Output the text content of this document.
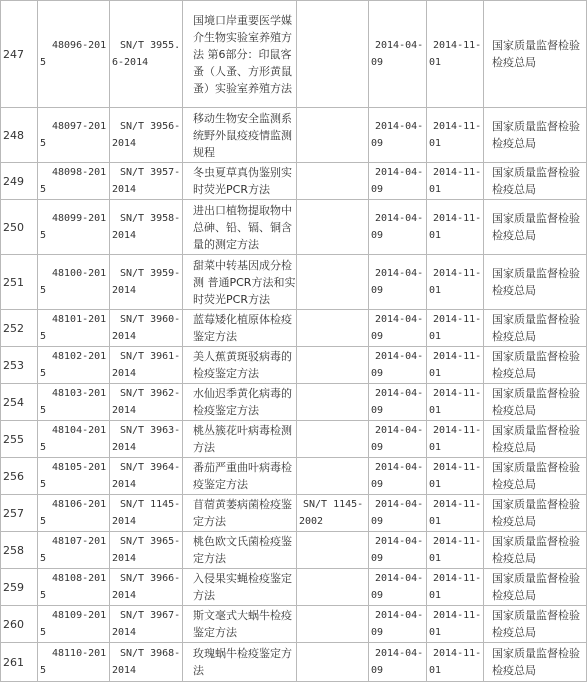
247	48096-2015	SN/T 3955.6-2014	国境口岸重要医学媒介生物实验室养殖方法 第6部分：印鼠客蚤（人蚤、方形黄鼠蚤）实验室养殖方法		2014-04-09	2014-11-01	国家质量监督检验检疫总局

248	48097-2015	SN/T 3956-2014	移动生物安全监测系统野外鼠疫疫情监测规程		2014-04-09	2014-11-01	国家质量监督检验检疫总局

249	48098-2015	SN/T 3957-2014	冬虫夏草真伪鉴别实时荧光PCR方法		2014-04-09	2014-11-01	国家质量监督检验检疫总局

250	48099-2015	SN/T 3958-2014	进出口植物提取物中总砷、铅、镉、铜含量的测定方法		2014-04-09	2014-11-01	国家质量监督检验检疫总局

251	48100-2015	SN/T 3959-2014	甜菜中转基因成分检测 普通PCR方法和实时荧光PCR方法		2014-04-09	2014-11-01	国家质量监督检验检疫总局

252	48101-2015	SN/T 3960-2014	蓝莓矮化植原体检疫鉴定方法		2014-04-09	2014-11-01	国家质量监督检验检疫总局

253	48102-2015	SN/T 3961-2014	美人蕉黄斑驳病毒的检疫鉴定方法		2014-04-09	2014-11-01	国家质量监督检验检疫总局

254	48103-2015	SN/T 3962-2014	水仙迟季黄化病毒的检疫鉴定方法		2014-04-09	2014-11-01	国家质量监督检验检疫总局

255	48104-2015	SN/T 3963-2014	桃丛簇花叶病毒检测方法		2014-04-09	2014-11-01	国家质量监督检验检疫总局

256	48105-2015	SN/T 3964-2014	番茄严重曲叶病毒检疫鉴定方法		2014-04-09	2014-11-01	国家质量监督检验检疫总局

257	48106-2015	SN/T 1145-2014	苜蓿黄萎病菌检疫鉴定方法	SN/T 1145-2002	2014-04-09	2014-11-01	国家质量监督检验检疫总局

258	48107-2015	SN/T 3965-2014	桃色欧文氏菌检疫鉴定方法		2014-04-09	2014-11-01	国家质量监督检验检疫总局

259	48108-2015	SN/T 3966-2014	入侵果实蝇检疫鉴定方法		2014-04-09	2014-11-01	国家质量监督检验检疫总局

260	48109-2015	SN/T 3967-2014	斯文毫式大蜗牛检疫鉴定方法		2014-04-09	2014-11-01	国家质量监督检验检疫总局

261	48110-2015	SN/T 3968-2014	玫瑰蜗牛检疫鉴定方法		2014-04-09	2014-11-01	国家质量监督检验检疫总局
